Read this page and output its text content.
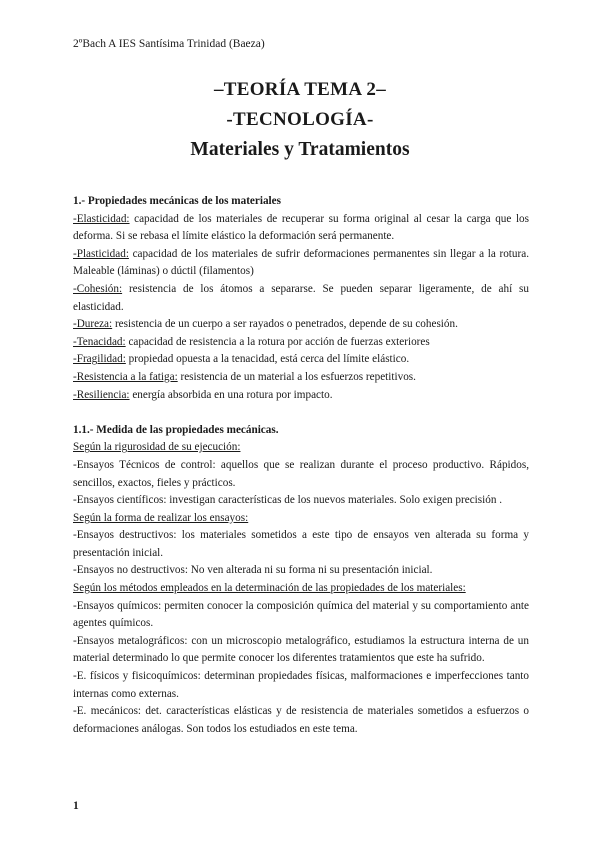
2ºBach A IES Santísima Trinidad (Baeza)

–TEORÍA TEMA 2–

-TECNOLOGÍA-

Materiales y Tratamientos

1.- Propiedades mecánicas de los materiales

-Elasticidad: capacidad de los materiales de recuperar su forma original al cesar la carga que los deforma. Si se rebasa el límite elástico la deformación será permanente.

-Plasticidad: capacidad de los materiales de sufrir deformaciones permanentes sin llegar a la rotura. Maleable (láminas) o dúctil (filamentos)

-Cohesión: resistencia de los átomos a separarse. Se pueden separar ligeramente, de ahí su elasticidad.

-Dureza: resistencia de un cuerpo a ser rayados o penetrados, depende de su cohesión.

-Tenacidad: capacidad de resistencia a la rotura por acción de fuerzas exteriores

-Fragilidad: propiedad opuesta a la tenacidad, está cerca del límite elástico.

-Resistencia a la fatiga: resistencia de un material a los esfuerzos repetitivos.

-Resiliencia: energía absorbida en una rotura por impacto.

1.1.- Medida de las propiedades mecánicas.

Según la rigurosidad de su ejecución:

-Ensayos Técnicos de control: aquellos que se realizan durante el proceso productivo. Rápidos, sencillos, exactos, fieles y prácticos.

-Ensayos científicos: investigan características de los nuevos materiales. Solo exigen precisión .

Según la forma de realizar los ensayos:

-Ensayos destructivos: los materiales sometidos a este tipo de ensayos ven alterada su forma y presentación inicial.

-Ensayos no destructivos: No ven alterada ni su forma ni su presentación inicial.

Según los métodos empleados en la determinación de las propiedades de los materiales:

-Ensayos químicos: permiten conocer la composición química del material y su comportamiento ante agentes químicos.

-Ensayos metalográficos: con un microscopio metalográfico, estudiamos la estructura interna de un material determinado lo que permite conocer los diferentes tratamientos que este ha sufrido.

-E. físicos y fisicoquímicos: determinan propiedades físicas, malformaciones e imperfecciones tanto internas como externas.

-E. mecánicos: det. características elásticas y de resistencia de materiales sometidos a esfuerzos o deformaciones análogas. Son todos los estudiados en este tema.

1
